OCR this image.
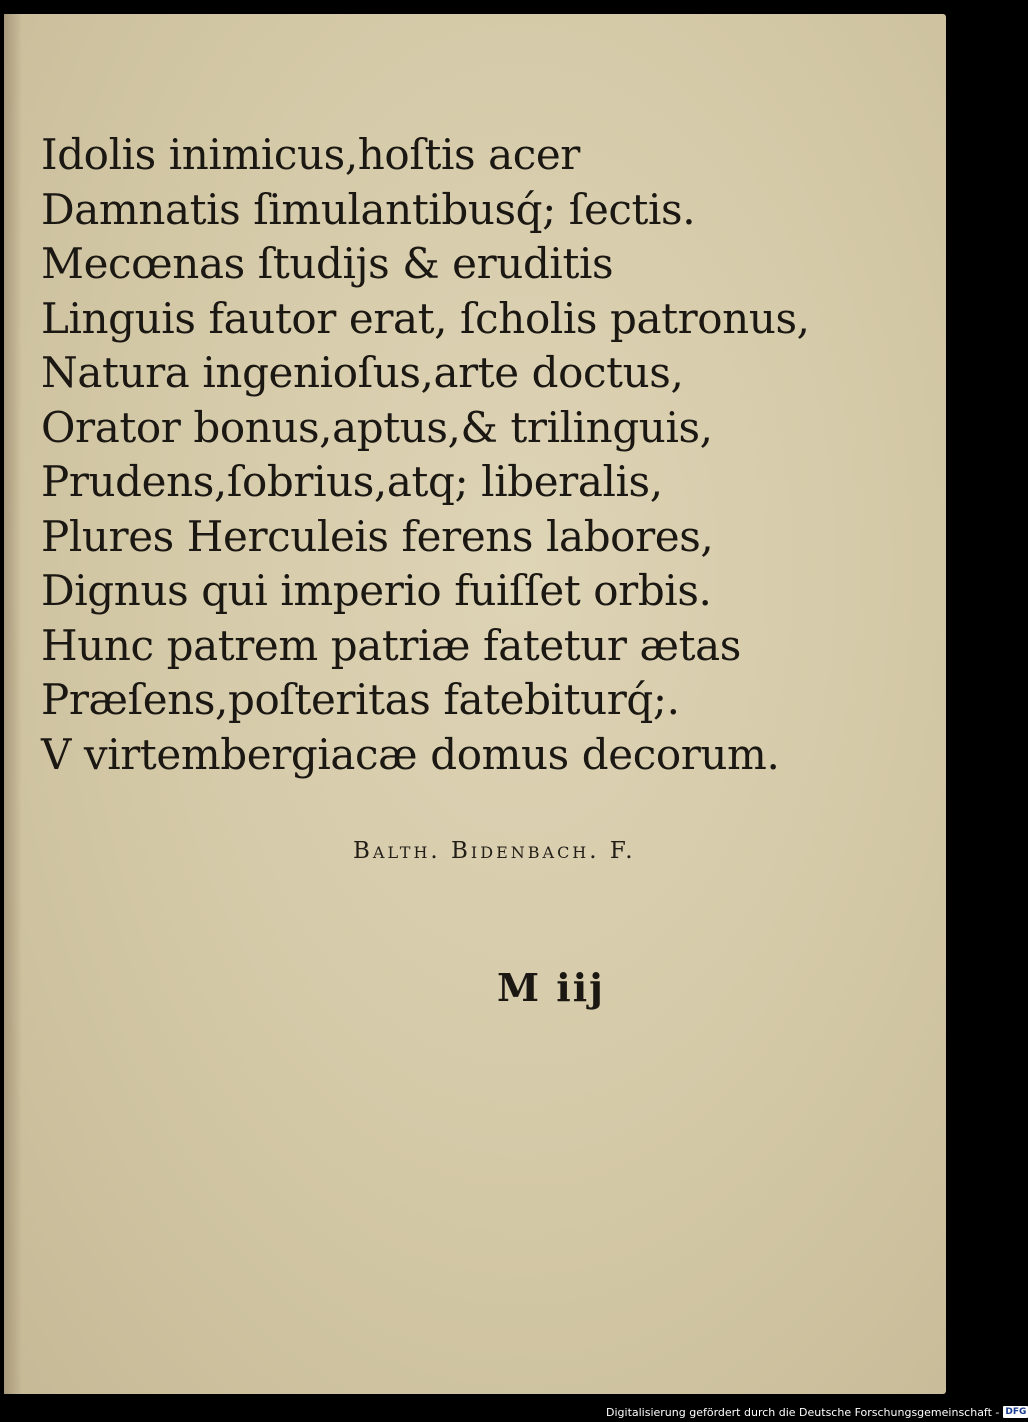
Idolis inimicus,hoſtis acer
Damnatis ſimulantibusq́; ſectis.
Mecœnas ſtudijs & eruditis
Linguis fautor erat, ſcholis patronus,
Natura ingenioſus,arte doctus,
Orator bonus,aptus,& trilinguis,
Prudens,ſobrius,atq; liberalis,
Plures Herculeis ferens labores,
Dignus qui imperio fuiſſet orbis.
Hunc patrem patriæ fatetur ætas
Præſens,poſteritas fatebiturq́;.
V virtembergiacæ domus decorum.
Balth. Bidenbach. F.
M iij
Digitalisierung gefördert durch die Deutsche Forschungsgemeinschaft - DFG
